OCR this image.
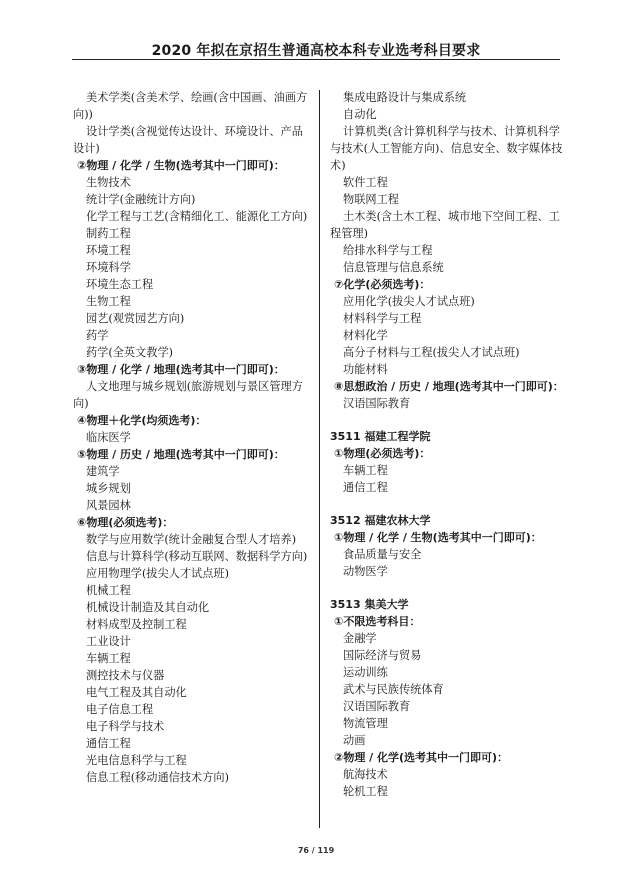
2020 年拟在京招生普通高校本科专业选考科目要求
美术学类(含美术学、绘画(含中国画、油画方向))
设计学类(含视觉传达设计、环境设计、产品设计)
②物理 / 化学 / 生物(选考其中一门即可)：
生物技术
统计学(金融统计方向)
化学工程与工艺(含精细化工、能源化工方向)
制药工程
环境工程
环境科学
环境生态工程
生物工程
园艺(观赏园艺方向)
药学
药学(全英文教学)
③物理 / 化学 / 地理(选考其中一门即可)：
人文地理与城乡规划(旅游规划与景区管理方向)
④物理＋化学(均须选考)：
临床医学
⑤物理 / 历史 / 地理(选考其中一门即可)：
建筑学
城乡规划
风景园林
⑥物理(必须选考)：
数学与应用数学(统计金融复合型人才培养)
信息与计算科学(移动互联网、数据科学方向)
应用物理学(拔尖人才试点班)
机械工程
机械设计制造及其自动化
材料成型及控制工程
工业设计
车辆工程
测控技术与仪器
电气工程及其自动化
电子信息工程
电子科学与技术
通信工程
光电信息科学与工程
信息工程(移动通信技术方向)
集成电路设计与集成系统
自动化
计算机类(含计算机科学与技术、计算机科学与技术(人工智能方向)、信息安全、数字媒体技术)
软件工程
物联网工程
土木类(含土木工程、城市地下空间工程、工程管理)
给排水科学与工程
信息管理与信息系统
⑦化学(必须选考)：
应用化学(拔尖人才试点班)
材料科学与工程
材料化学
高分子材料与工程(拔尖人才试点班)
功能材料
⑧思想政治 / 历史 / 地理(选考其中一门即可)：
汉语国际教育
3511 福建工程学院
①物理(必须选考)：
车辆工程
通信工程
3512 福建农林大学
①物理 / 化学 / 生物(选考其中一门即可)：
食品质量与安全
动物医学
3513 集美大学
①不限选考科目：
金融学
国际经济与贸易
运动训练
武术与民族传统体育
汉语国际教育
物流管理
动画
②物理 / 化学(选考其中一门即可)：
航海技术
轮机工程
76 / 119
